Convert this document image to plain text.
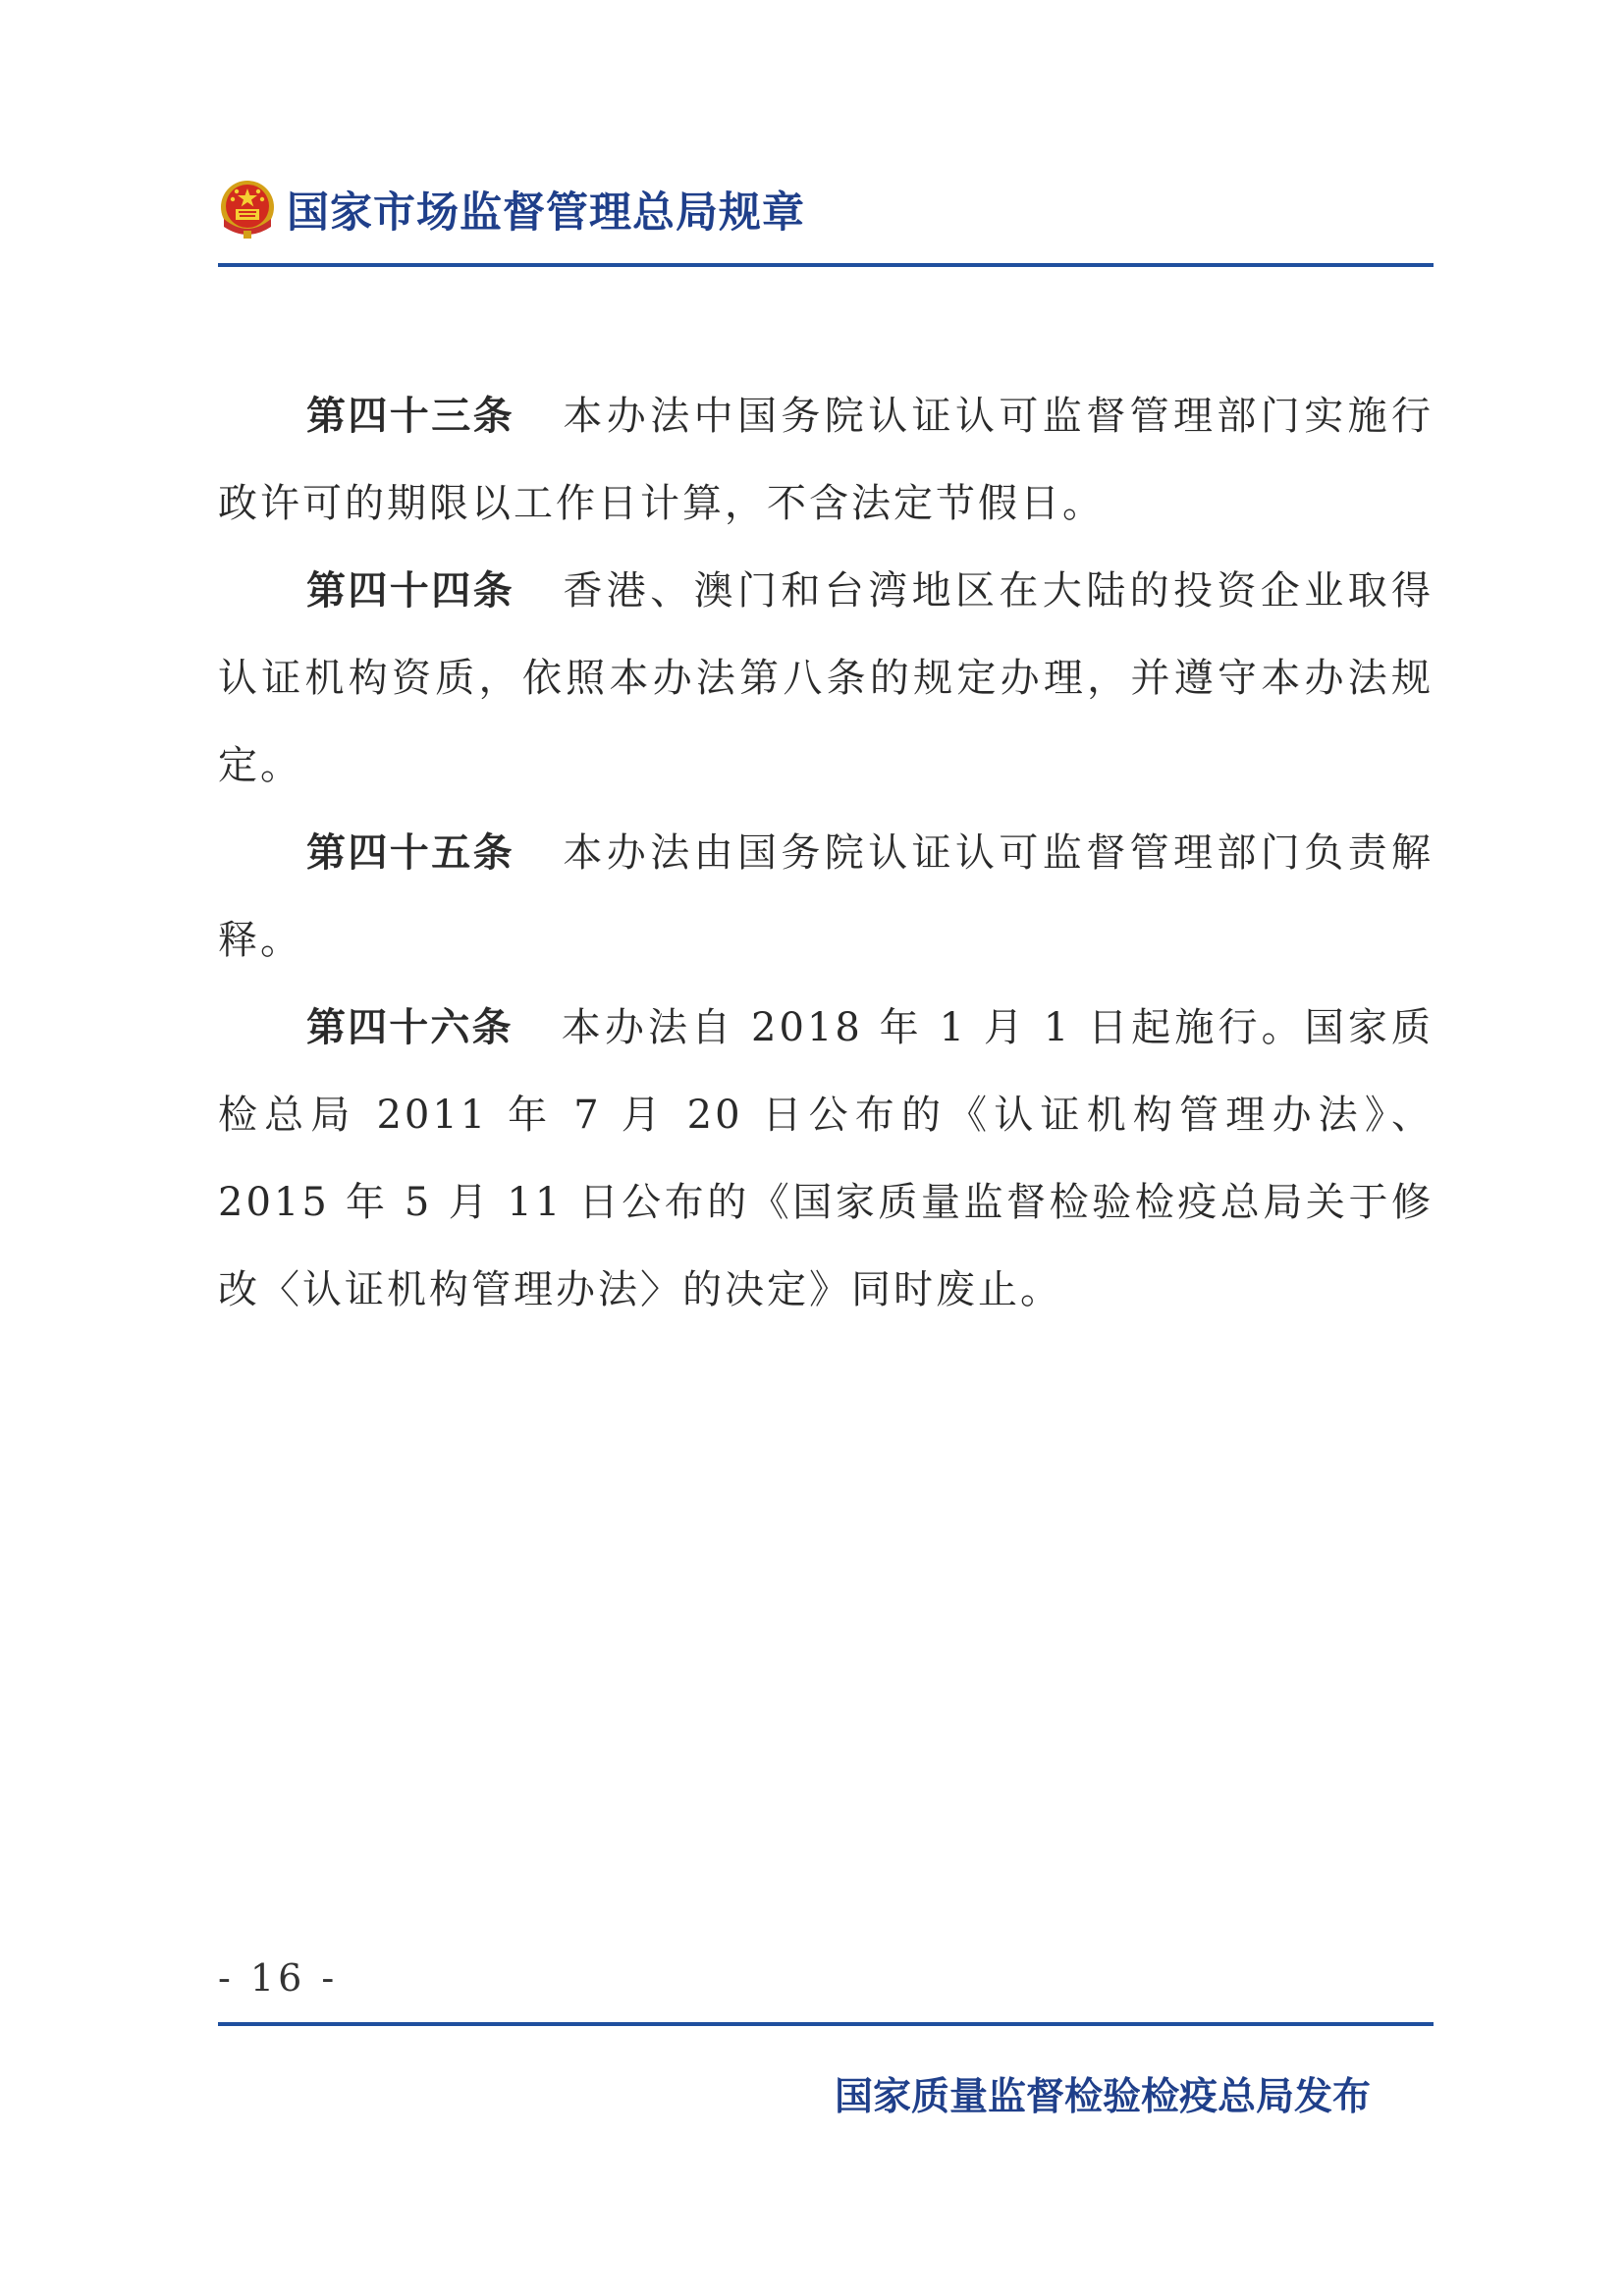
国家市场监督管理总局规章

第四十三条 本办法中国务院认证认可监督管理部门实施行政许可的期限以工作日计算，不含法定节假日。

第四十四条 香港、澳门和台湾地区在大陆的投资企业取得认证机构资质，依照本办法第八条的规定办理，并遵守本办法规定。

第四十五条 本办法由国务院认证认可监督管理部门负责解释。

第四十六条 本办法自 2018 年 1 月 1 日起施行。国家质检总局 2011 年 7 月 20 日公布的《认证机构管理办法》、2015 年 5 月 11 日公布的《国家质量监督检验检疫总局关于修改〈认证机构管理办法〉的决定》同时废止。

- 16 -
国家质量监督检验检疫总局发布
